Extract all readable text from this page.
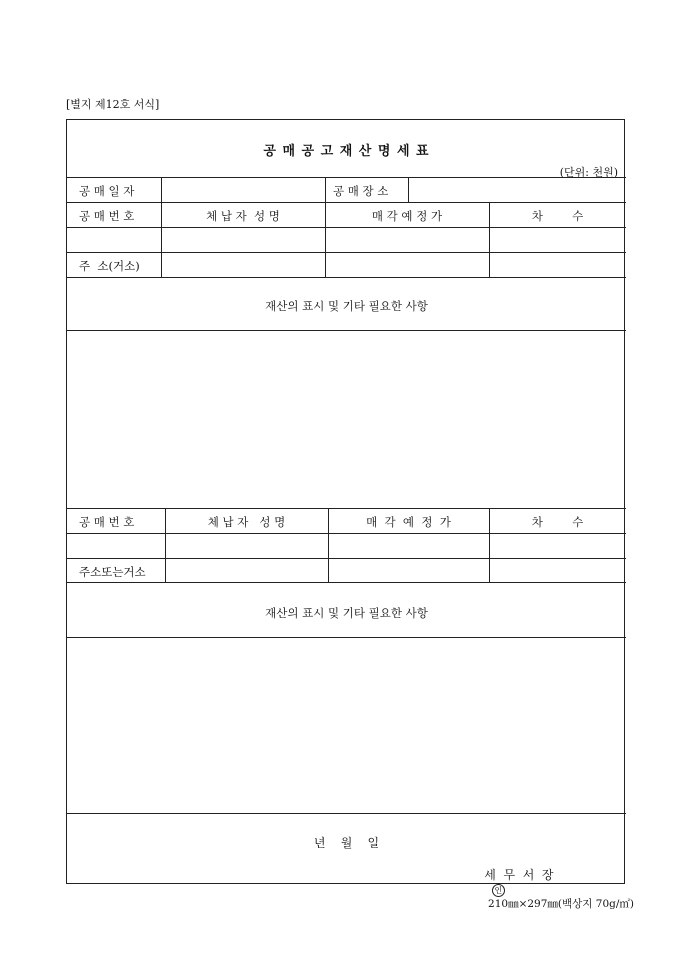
[별지 제12호 서식]
공 매 공 고 재 산 명 세 표
(단위: 천원)
공 매 일 자	공 매 장 소
공 매 번 호	체 납 자  성 명	매 각 예 정 가	차        수
주  소(거소)
재산의 표시 및 기타 필요한 사항
공 매 번 호	체 납 자   성 명	매  각  예  정  가	차        수
주소또는거소
재산의 표시 및 기타 필요한 사항
년    월    일

세  무  서  장
인

210㎜×297㎜(백상지 70g/㎡)
